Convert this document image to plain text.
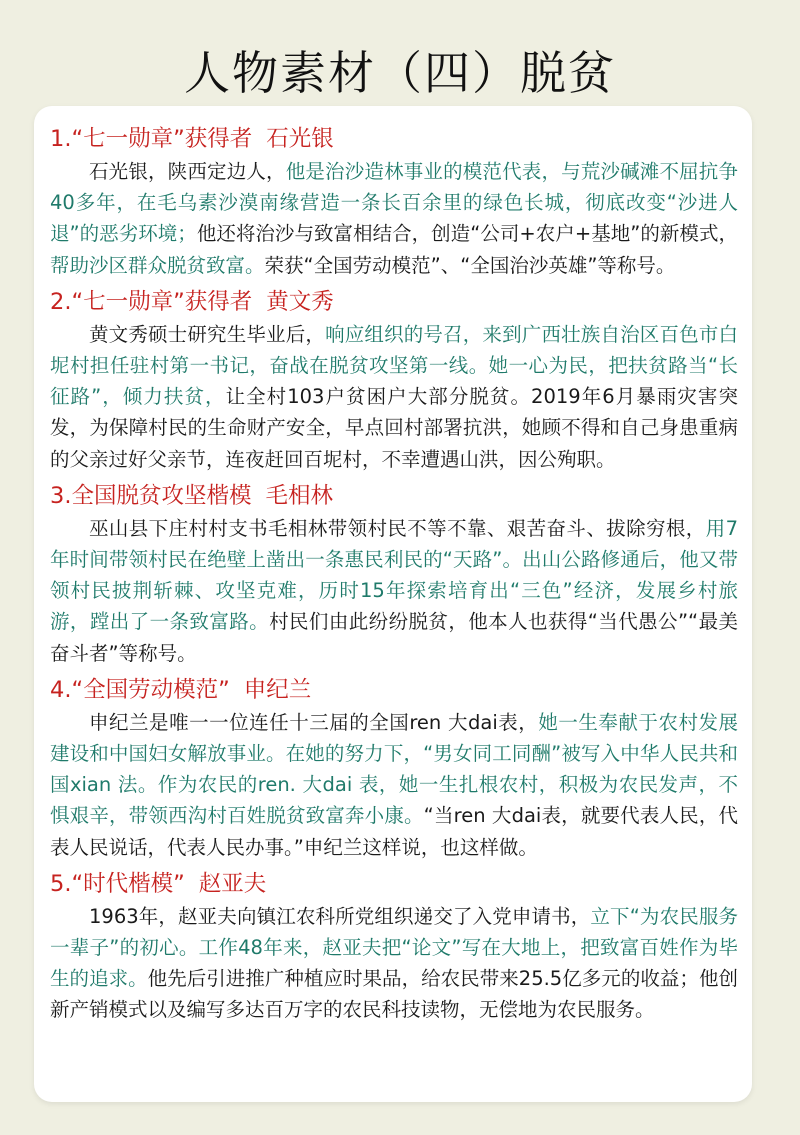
人物素材（四）脱贫
1.“七一勋章”获得者 石光银

石光银，陕西定边人，他是治沙造林事业的模范代表，与荒沙碱滩不屈抗争40多年，在毛乌素沙漠南缘营造一条长百余里的绿色长城，彻底改变“沙进人退”的恶劣环境；他还将治沙与致富相结合，创造“公司+农户+基地”的新模式，帮助沙区群众脱贫致富。荣获“全国劳动模范”、“全国治沙英雄”等称号。

2.“七一勋章”获得者 黄文秀

黄文秀硕士研究生毕业后，响应组织的号召，来到广西壮族自治区百色市白坭村担任驻村第一书记，奋战在脱贫攻坚第一线。她一心为民，把扶贫路当“长征路”，倾力扶贫，让全村103户贫困户大部分脱贫。2019年6月暴雨灾害突发，为保障村民的生命财产安全，早点回村部署抗洪，她顾不得和自己身患重病的父亲过好父亲节，连夜赶回百坭村，不幸遭遇山洪，因公殉职。

3.全国脱贫攻坚楷模 毛相林

巫山县下庄村村支书毛相林带领村民不等不靠、艰苦奋斗、拔除穷根，用7年时间带领村民在绝壁上凿出一条惠民利民的“天路”。出山公路修通后，他又带领村民披荆斩棘、攻坚克难，历时15年探索培育出“三色”经济，发展乡村旅游，蹚出了一条致富路。村民们由此纷纷脱贫，他本人也获得“当代愚公”“最美奋斗者”等称号。

4.“全国劳动模范” 申纪兰

申纪兰是唯一一位连任十三届的全国ren 大dai表，她一生奉献于农村发展建设和中国妇女解放事业。在她的努力下，“男女同工同酬”被写入中华人民共和国xian 法。作为农民的ren. 大dai 表，她一生扎根农村，积极为农民发声，不惧艰辛，带领西沟村百姓脱贫致富奔小康。“当ren 大dai表，就要代表人民，代表人民说话，代表人民办事。”申纪兰这样说，也这样做。

5.“时代楷模” 赵亚夫

1963年，赵亚夫向镇江农科所党组织递交了入党申请书，立下“为农民服务一辈子”的初心。工作48年来，赵亚夫把“论文”写在大地上，把致富百姓作为毕生的追求。他先后引进推广种植应时果品，给农民带来25.5亿多元的收益；他创新产销模式以及编写多达百万字的农民科技读物，无偿地为农民服务。
